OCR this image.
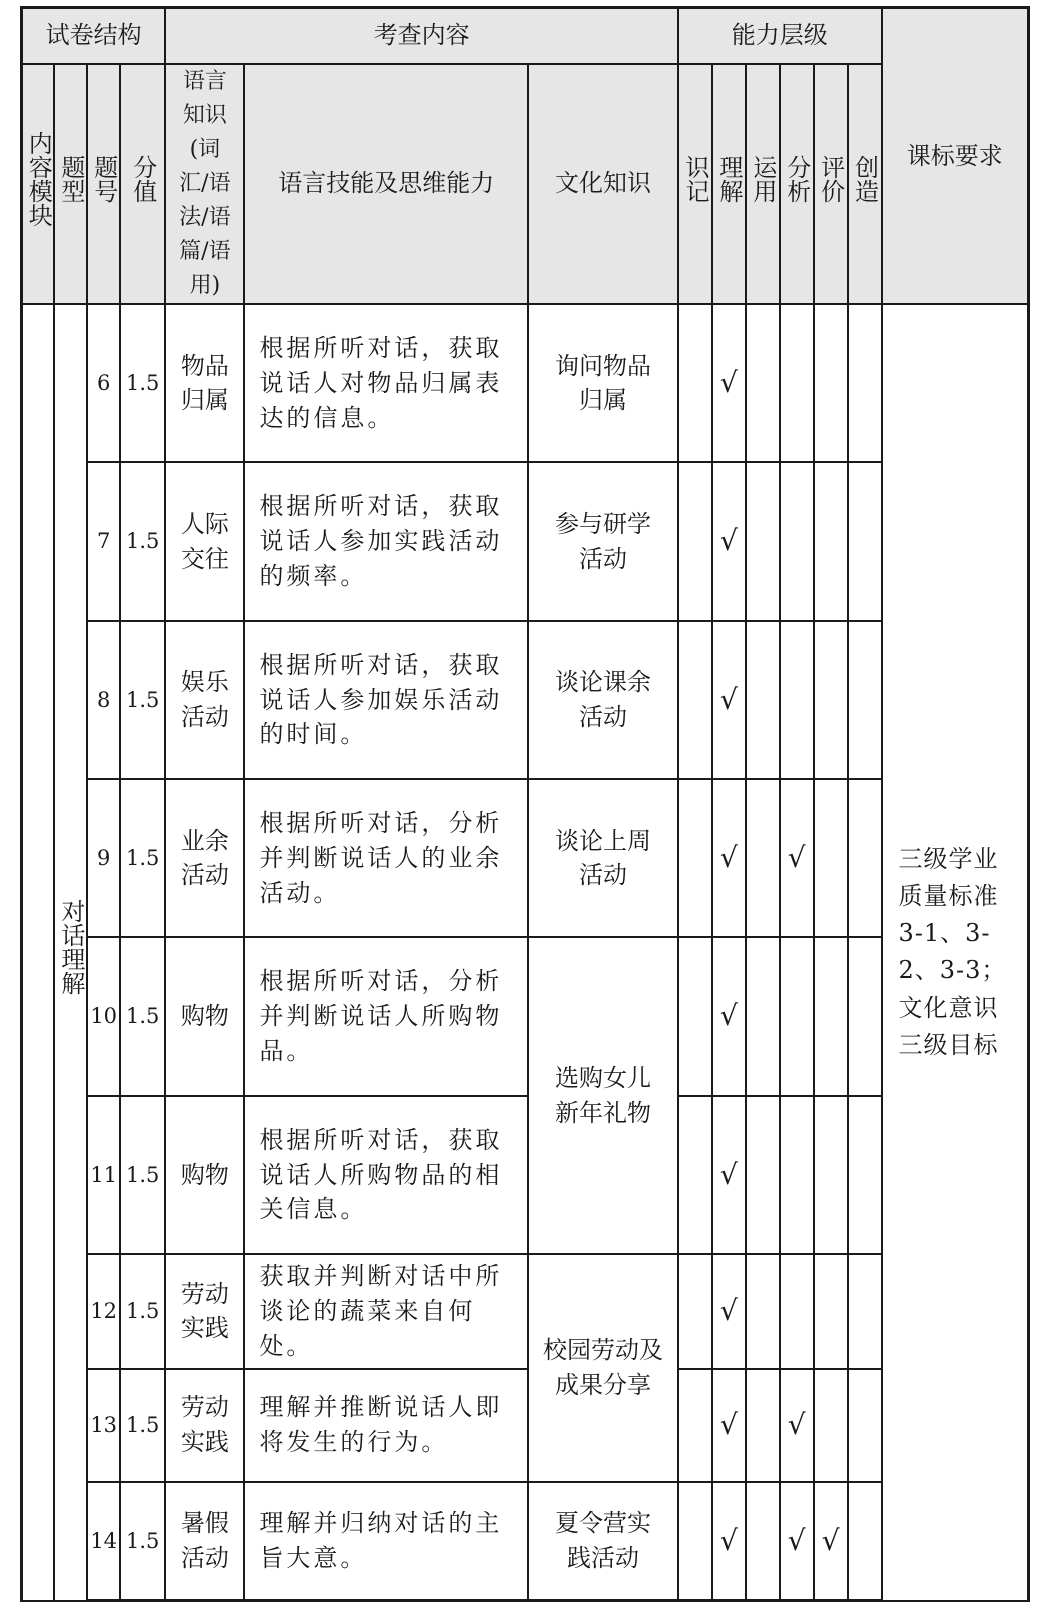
试卷结构				考查内容			能力层级						课标要求
内容模块	题型	题号	分值	语言知识(词汇/语法/语篇/语用)	语言技能及思维能力	文化知识	识记	理解	运用	分析	评价	创造	
	对话理解	6	1.5	物品归属	根据所听对话，获取说话人对物品归属表达的信息。	询问物品归属		√					三级学业质量标准3-1、3-2、3-3；文化意识三级目标

		7	1.5	人际交往	根据所听对话，获取说话人参加实践活动的频率。	参与研学活动		√					
		8	1.5	娱乐活动	根据所听对话，获取说话人参加娱乐活动的时间。	谈论课余活动		√					
		9	1.5	业余活动	根据所听对话，分析并判断说话人的业余活动。	谈论上周活动		√		√			
		10	1.5	购物	根据所听对话，分析并判断说话人所购物品。	选购女儿新年礼物		√					
		11	1.5	购物	根据所听对话，获取说话人所购物品的相关信息。			√					
		12	1.5	劳动实践	获取并判断对话中所谈论的蔬菜来自何处。	校园劳动及成果分享		√					
		13	1.5	劳动实践	理解并推断说话人即将发生的行为。			√		√			
		14	1.5	暑假活动	理解并归纳对话的主旨大意。	夏令营实践活动		√		√	√		
